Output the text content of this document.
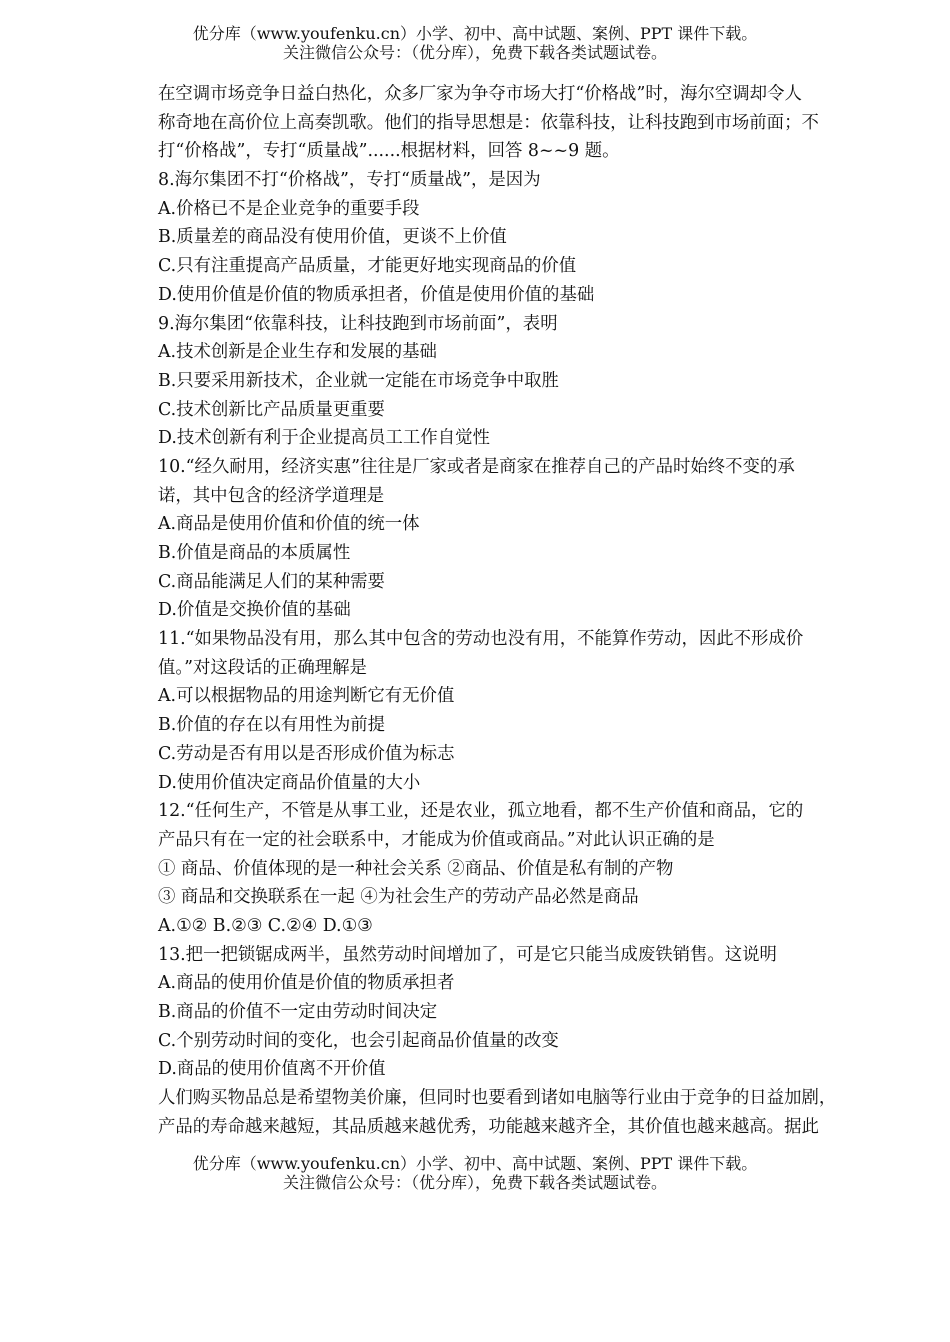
优分库（www.youfenku.cn）小学、初中、高中试题、案例、PPT 课件下载。
关注微信公众号：（优分库），免费下载各类试题试卷。
在空调市场竞争日益白热化，众多厂家为争夺市场大打“价格战”时，海尔空调却令人
称奇地在高价位上高奏凯歌。他们的指导思想是：依靠科技，让科技跑到市场前面；不
打“价格战”，专打“质量战”......根据材料，回答 8~~9 题。
8.海尔集团不打“价格战”，专打“质量战”，是因为
A.价格已不是企业竞争的重要手段
B.质量差的商品没有使用价值，更谈不上价值
C.只有注重提高产品质量，才能更好地实现商品的价值
D.使用价值是价值的物质承担者，价值是使用价值的基础
9.海尔集团“依靠科技，让科技跑到市场前面”，表明
A.技术创新是企业生存和发展的基础
B.只要采用新技术，企业就一定能在市场竞争中取胜
C.技术创新比产品质量更重要
D.技术创新有利于企业提高员工工作自觉性
10.“经久耐用，经济实惠”往往是厂家或者是商家在推荐自己的产品时始终不变的承
诺，其中包含的经济学道理是
A.商品是使用价值和价值的统一体
B.价值是商品的本质属性
C.商品能满足人们的某种需要
D.价值是交换价值的基础
11.“如果物品没有用，那么其中包含的劳动也没有用，不能算作劳动，因此不形成价
值。”对这段话的正确理解是
A.可以根据物品的用途判断它有无价值
B.价值的存在以有用性为前提
C.劳动是否有用以是否形成价值为标志
D.使用价值决定商品价值量的大小
12.“任何生产，不管是从事工业，还是农业，孤立地看，都不生产价值和商品，它的
产品只有在一定的社会联系中，才能成为价值或商品。”对此认识正确的是
① 商品、价值体现的是一种社会关系 ②商品、价值是私有制的产物
③ 商品和交换联系在一起 ④为社会生产的劳动产品必然是商品
A.①② B.②③ C.②④ D.①③
13.把一把锁锯成两半，虽然劳动时间增加了，可是它只能当成废铁销售。这说明
A.商品的使用价值是价值的物质承担者
B.商品的价值不一定由劳动时间决定
C.个别劳动时间的变化，也会引起商品价值量的改变
D.商品的使用价值离不开价值
人们购买物品总是希望物美价廉，但同时也要看到诸如电脑等行业由于竞争的日益加剧，
产品的寿命越来越短，其品质越来越优秀，功能越来越齐全，其价值也越来越高。据此
优分库（www.youfenku.cn）小学、初中、高中试题、案例、PPT 课件下载。
关注微信公众号：（优分库），免费下载各类试题试卷。
